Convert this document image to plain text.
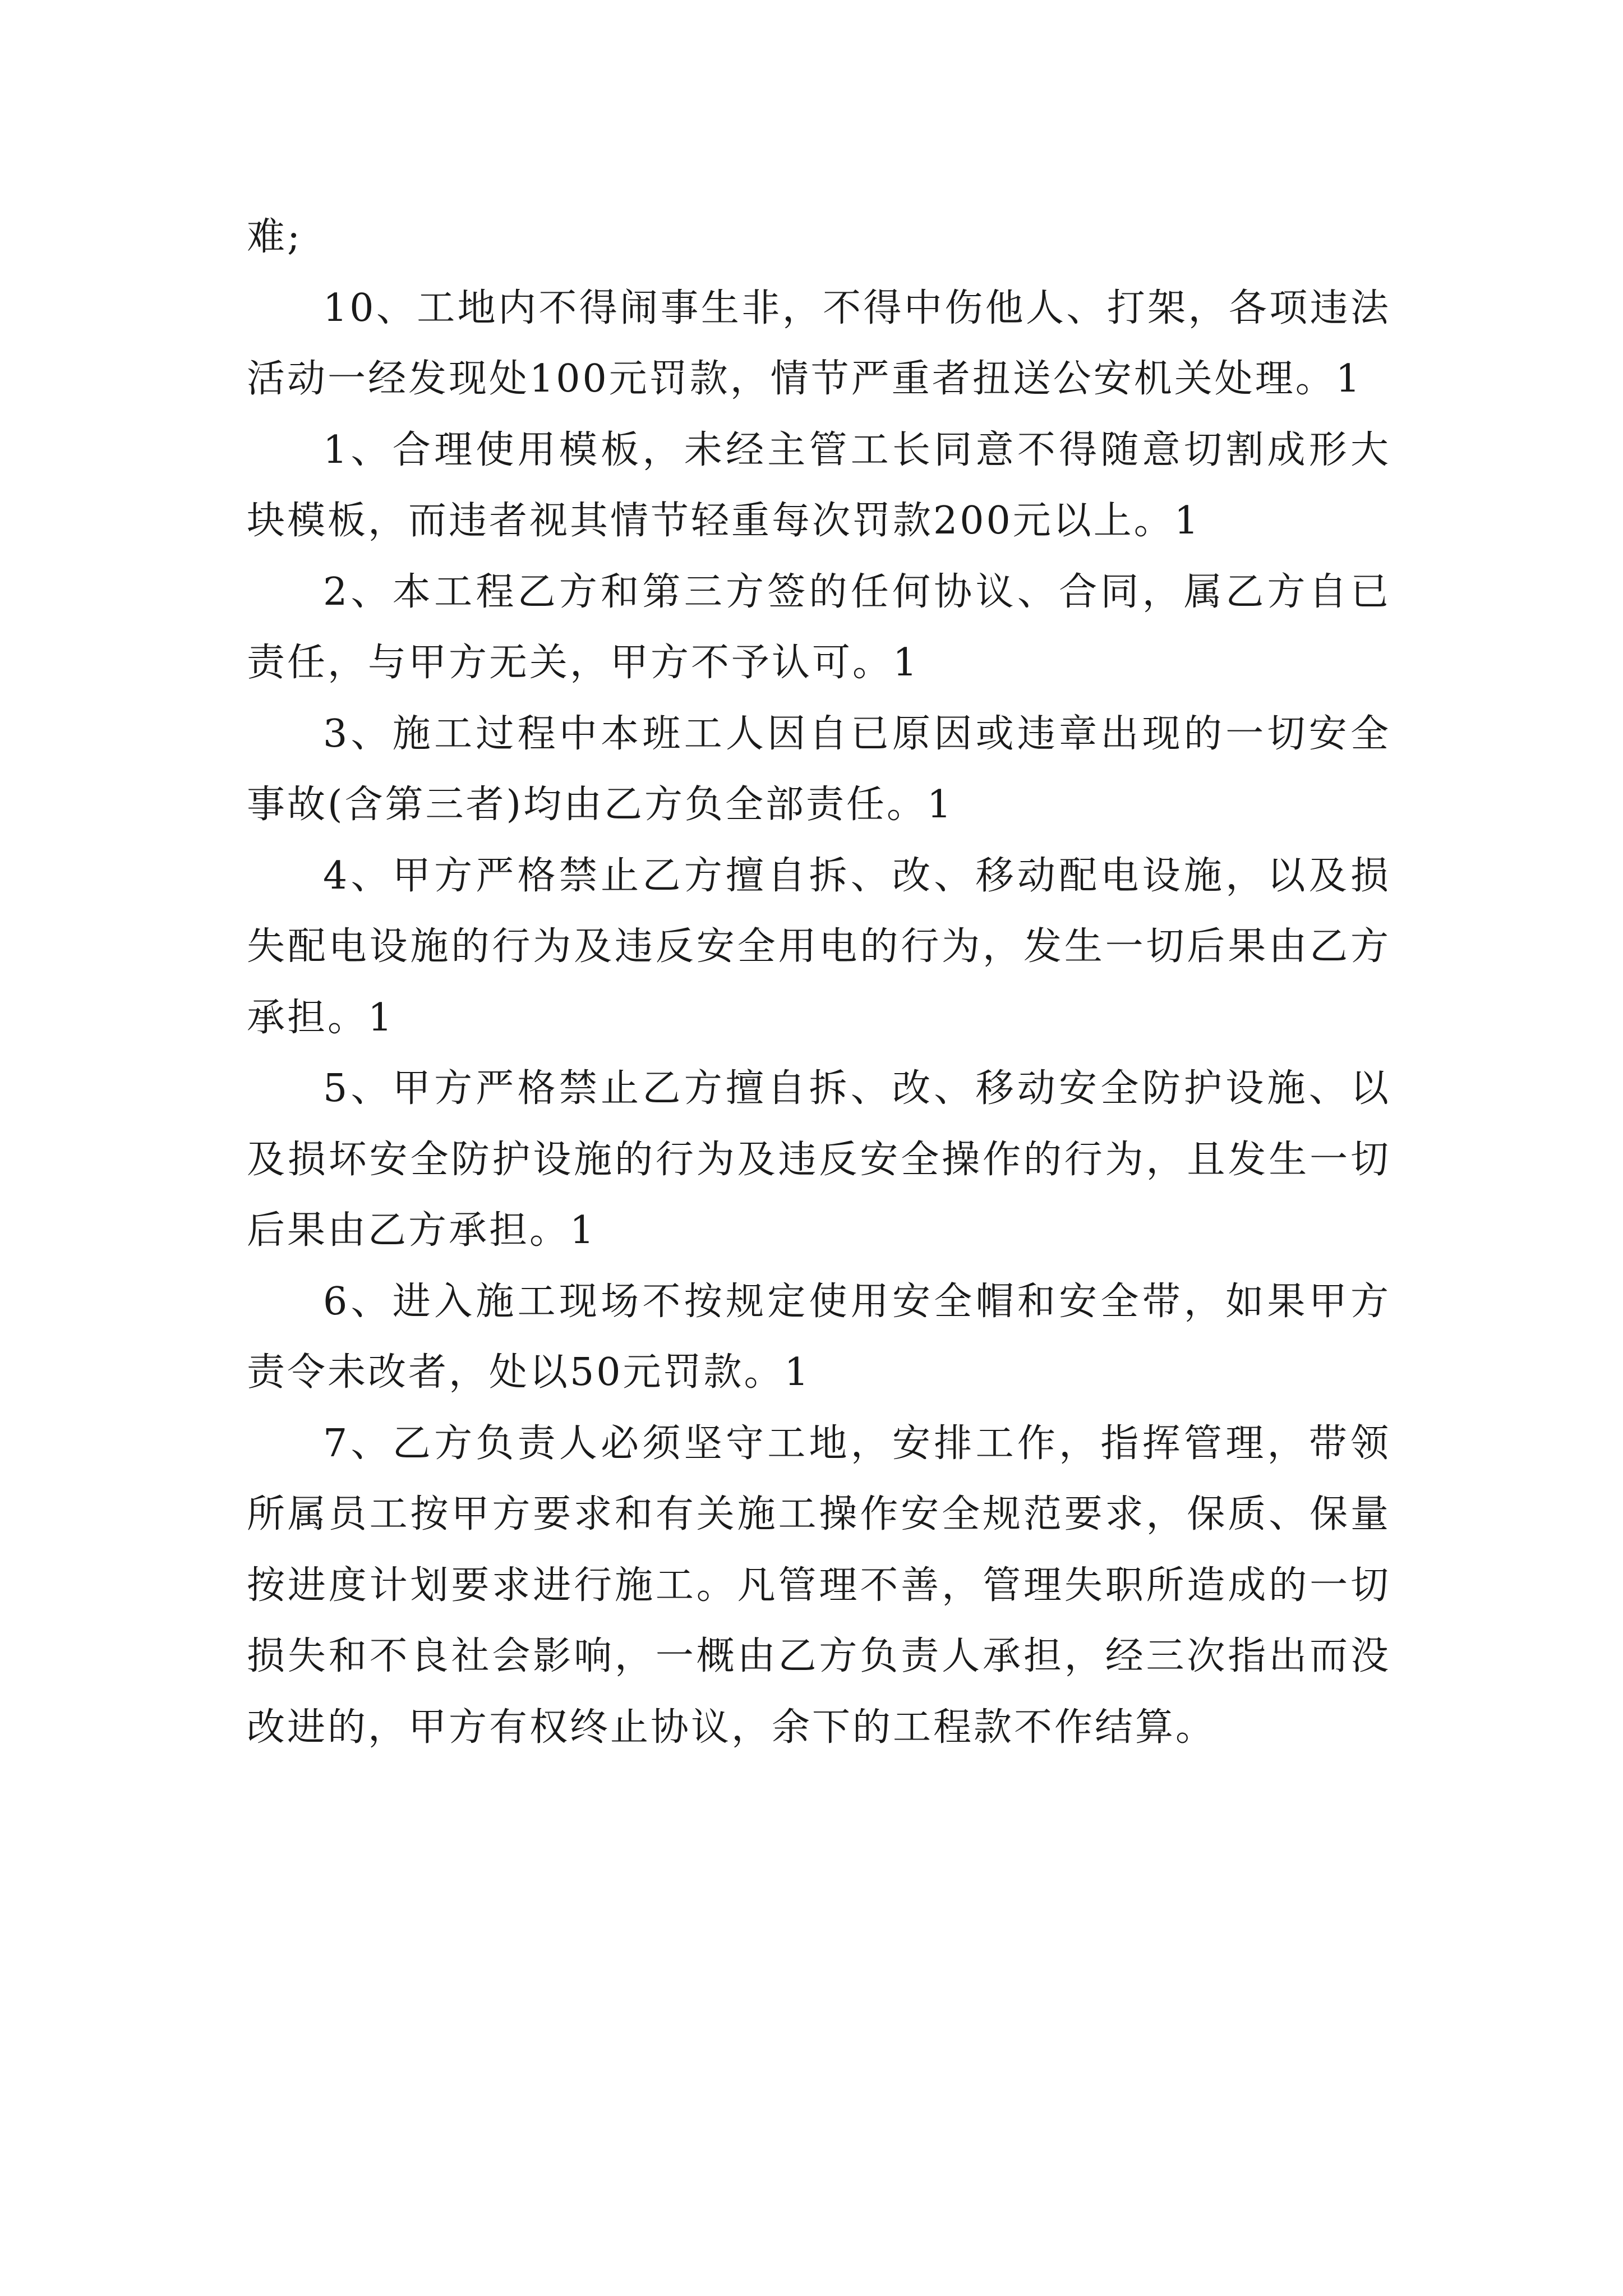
难;

10、工地内不得闹事生非，不得中伤他人、打架，各项违法活动一经发现处100元罚款，情节严重者扭送公安机关处理。1

1、合理使用模板，未经主管工长同意不得随意切割成形大块模板，而违者视其情节轻重每次罚款200元以上。1

2、本工程乙方和第三方签的任何协议、合同，属乙方自已责任，与甲方无关，甲方不予认可。1

3、施工过程中本班工人因自已原因或违章出现的一切安全事故(含第三者)均由乙方负全部责任。1

4、甲方严格禁止乙方擅自拆、改、移动配电设施，以及损失配电设施的行为及违反安全用电的行为，发生一切后果由乙方承担。1

5、甲方严格禁止乙方擅自拆、改、移动安全防护设施、以及损坏安全防护设施的行为及违反安全操作的行为，且发生一切后果由乙方承担。1

6、进入施工现场不按规定使用安全帽和安全带，如果甲方责令未改者，处以50元罚款。1

7、乙方负责人必须坚守工地，安排工作，指挥管理，带领所属员工按甲方要求和有关施工操作安全规范要求，保质、保量按进度计划要求进行施工。凡管理不善，管理失职所造成的一切损失和不良社会影响，一概由乙方负责人承担，经三次指出而没改进的，甲方有权终止协议，余下的工程款不作结算。
